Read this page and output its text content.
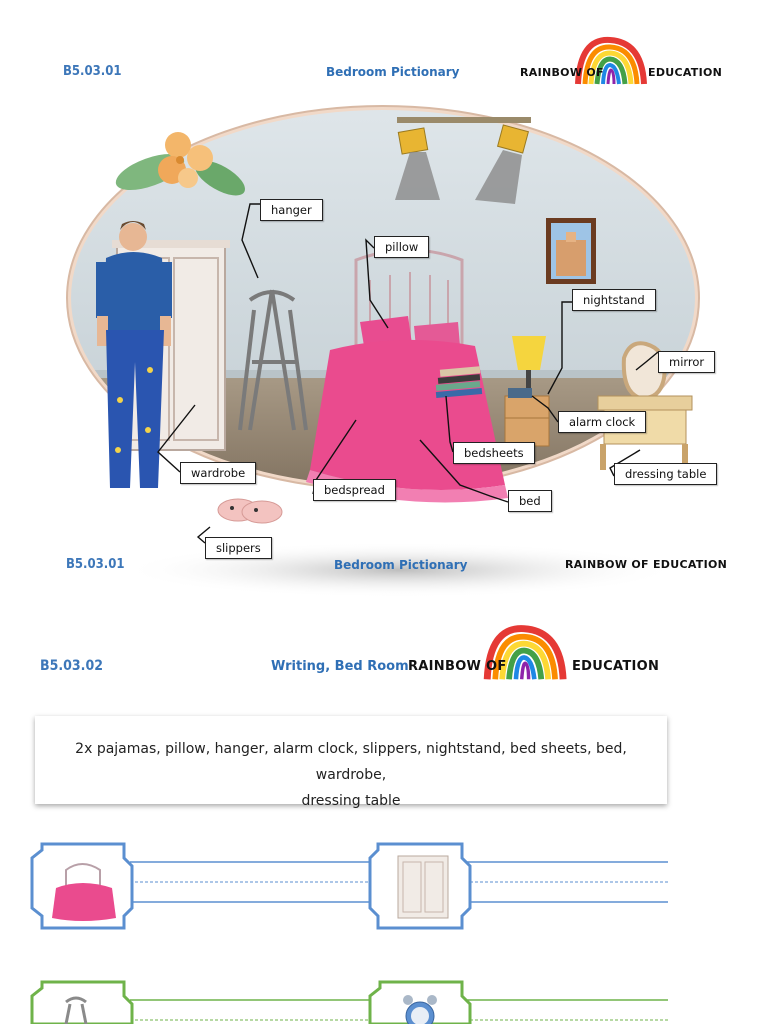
B5.03.01	Bedroom Pictionary	RAINBOW OF	EDUCATION
hanger
pillow
nightstand
mirror
alarm clock
bedsheets
dressing table
wardrobe
bedspread
bed
slippers
B5.03.01	Bedroom Pictionary	RAINBOW OF EDUCATION
B5.03.02	Writing, Bed Room RAINBOW OF	EDUCATION
2x pajamas, pillow, hanger, alarm clock, slippers, nightstand, bed sheets, bed, wardrobe,
dressing table
